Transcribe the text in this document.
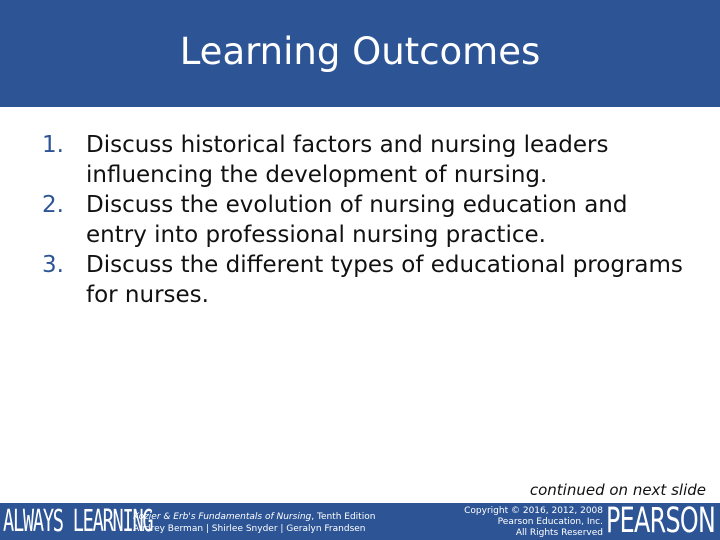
Learning Outcomes
1. Discuss historical factors and nursing leaders influencing the development of nursing.
2. Discuss the evolution of nursing education and entry into professional nursing practice.
3. Discuss the different types of educational programs for nurses.
continued on next slide
ALWAYS LEARNING
Kozier & Erb's Fundamentals of Nursing, Tenth Edition
Audrey Berman | Shirlee Snyder | Geralyn Frandsen
Copyright © 2016, 2012, 2008
Pearson Education, Inc.
All Rights Reserved PEARSON
